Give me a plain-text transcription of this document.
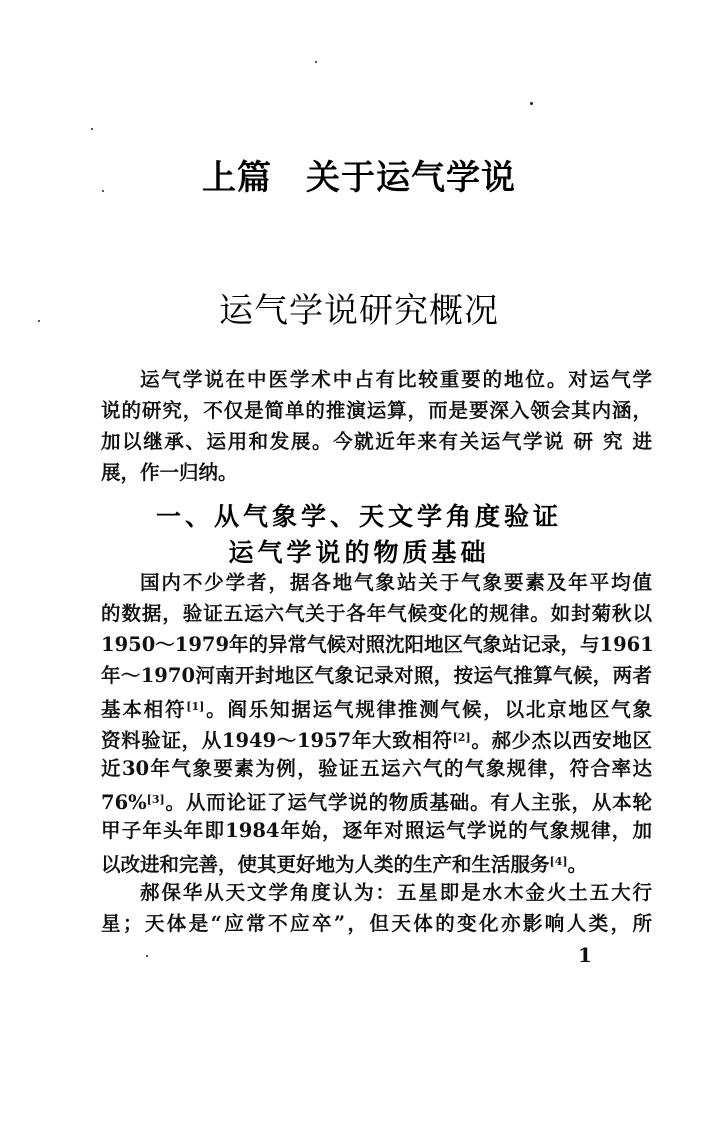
上篇 关于运气学说
运气学说研究概况
运气学说在中医学术中占有比较重要的地位。对运气学
说的研究，不仅是简单的推演运算，而是要深入领会其内涵，
加以继承、运用和发展。今就近年来有关运气学说 研 究 进
展，作一归纳。
一、从气象学、天文学角度验证
运气学说的物质基础
国内不少学者，据各地气象站关于气象要素及年平均值
的数据，验证五运六气关于各年气候变化的规律。如封菊秋以
1950～1979年的异常气候对照沈阳地区气象站记录，与1961
年～1970河南开封地区气象记录对照，按运气推算气候，两者
基本相符[1]。阎乐知据运气规律推测气候，以北京地区气象
资料验证，从1949～1957年大致相符[2]。郝少杰以西安地区
近30年气象要素为例，验证五运六气的气象规律，符合率达
76%[3]。从而论证了运气学说的物质基础。有人主张，从本轮
甲子年头年即1984年始，逐年对照运气学说的气象规律，加
以改进和完善，使其更好地为人类的生产和生活服务[4]。
郝保华从天文学角度认为：五星即是水木金火土五大行
星；天体是“应常不应卒”，但天体的变化亦影响人类，所
1
